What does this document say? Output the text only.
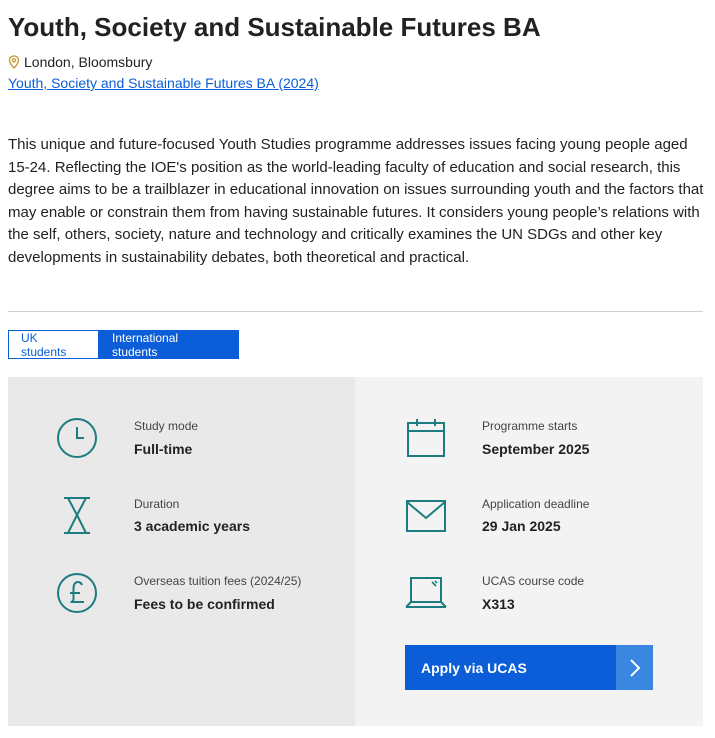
Youth, Society and Sustainable Futures BA
London, Bloomsbury
Youth, Society and Sustainable Futures BA (2024)

This unique and future-focused Youth Studies programme addresses issues facing young people aged 15-24. Reflecting the IOE's position as the world-leading faculty of education and social research, this degree aims to be a trailblazer in educational innovation on issues surrounding youth and the factors that may enable or constrain them from having sustainable futures. It considers young people’s relations with the self, others, society, nature and technology and critically examines the UN SDGs and other key developments in sustainability debates, both theoretical and practical.

UK students
International students
Study mode
Full-time
Duration
3 academic years
Overseas tuition fees (2024/25)
Fees to be confirmed
Programme starts
September 2025
Application deadline
29 Jan 2025
UCAS course code
X313
Apply via UCAS
